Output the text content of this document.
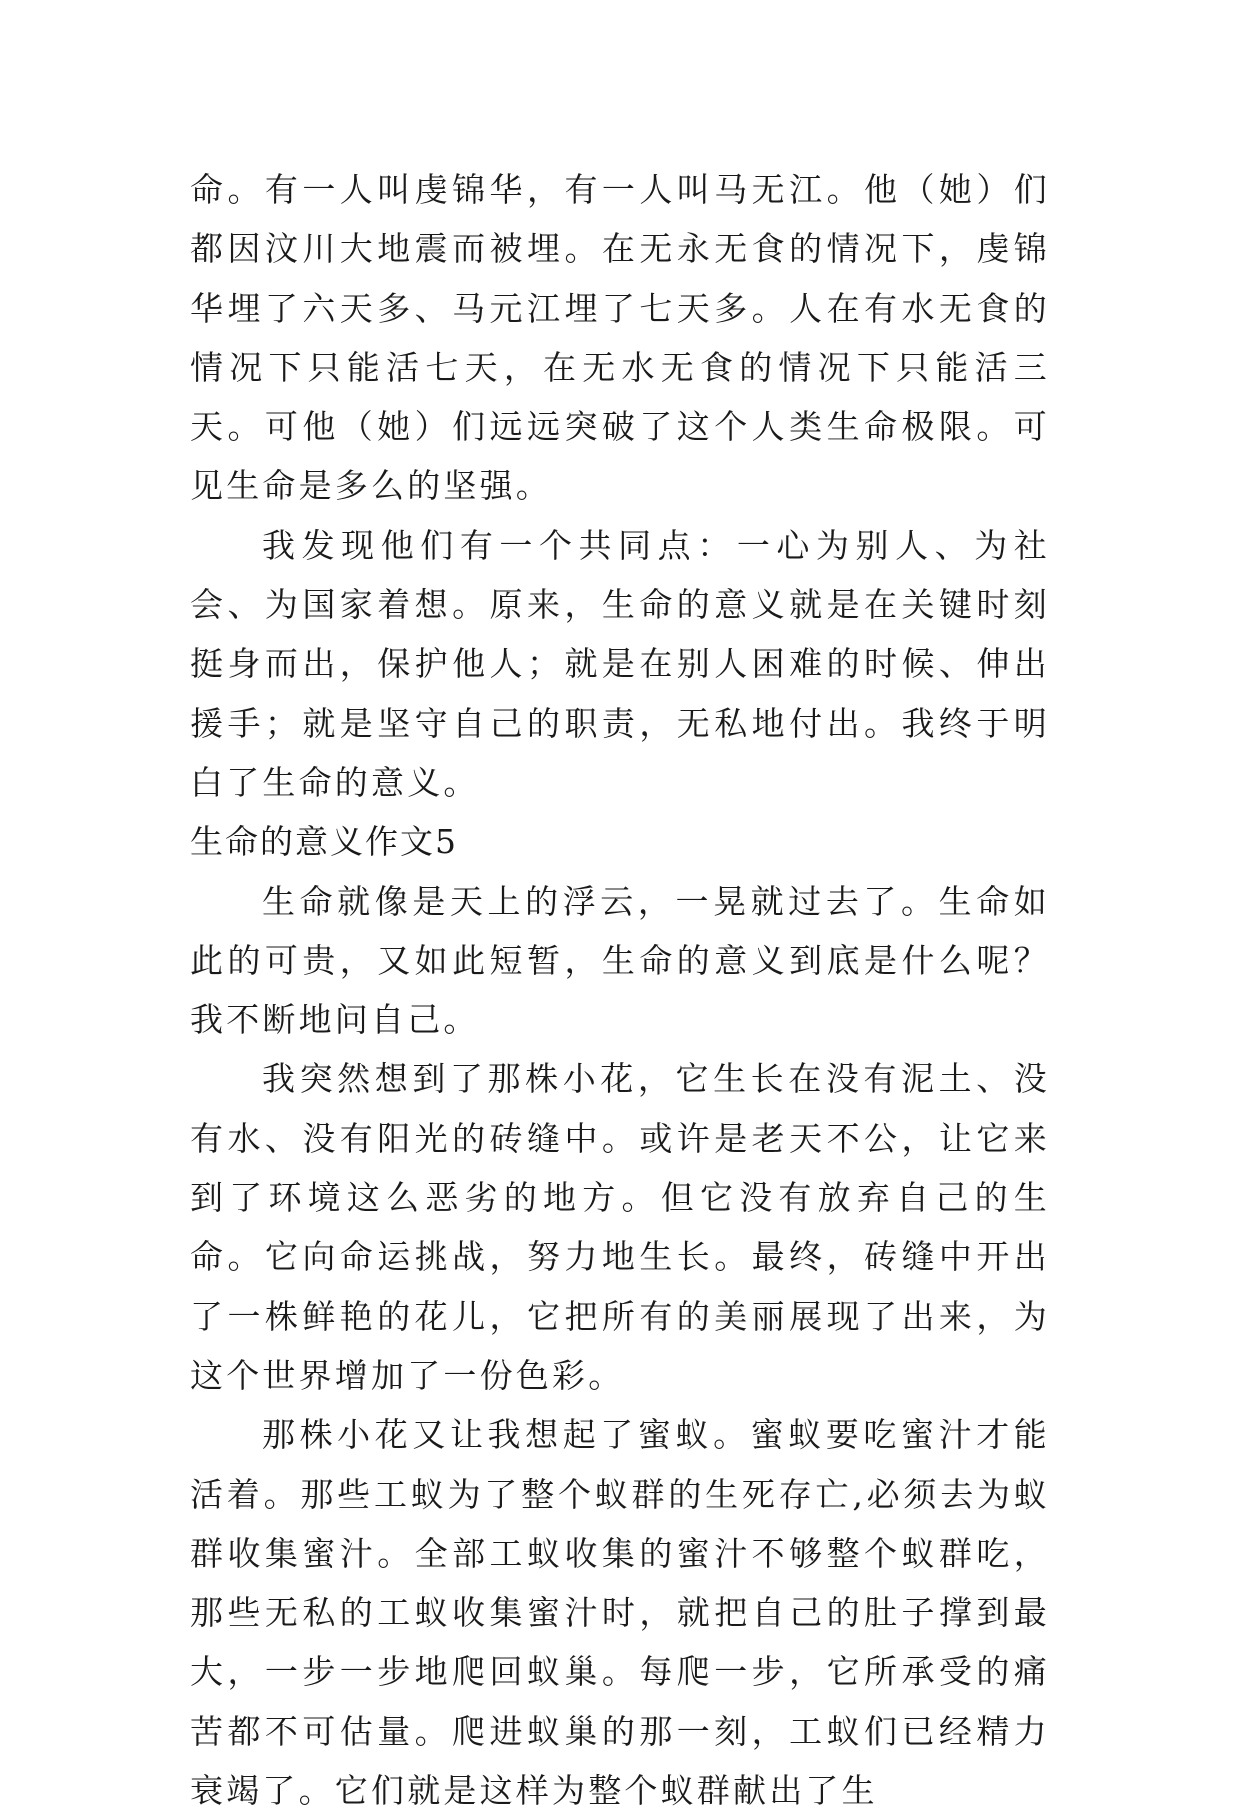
命。有一人叫虔锦华，有一人叫马无江。他（她）们都因汶川大地震而被埋。在无永无食的情况下，虔锦华埋了六天多、马元江埋了七天多。人在有水无食的情况下只能活七天，在无水无食的情况下只能活三天。可他（她）们远远突破了这个人类生命极限。可见生命是多么的坚强。

我发现他们有一个共同点：一心为别人、为社会、为国家着想。原来，生命的意义就是在关键时刻挺身而出，保护他人；就是在别人困难的时候、伸出援手；就是坚守自己的职责，无私地付出。我终于明白了生命的意义。

生命的意义作文5

生命就像是天上的浮云，一晃就过去了。生命如此的可贵，又如此短暂，生命的意义到底是什么呢？我不断地问自己。

我突然想到了那株小花，它生长在没有泥土、没有水、没有阳光的砖缝中。或许是老天不公，让它来到了环境这么恶劣的地方。但它没有放弃自己的生命。它向命运挑战，努力地生长。最终，砖缝中开出了一株鲜艳的花儿，它把所有的美丽展现了出来，为这个世界增加了一份色彩。

那株小花又让我想起了蜜蚁。蜜蚁要吃蜜汁才能活着。那些工蚁为了整个蚁群的生死存亡,必须去为蚁群收集蜜汁。全部工蚁收集的蜜汁不够整个蚁群吃，那些无私的工蚁收集蜜汁时，就把自己的肚子撑到最大，一步一步地爬回蚁巢。每爬一步，它所承受的痛苦都不可估量。爬进蚁巢的那一刻，工蚁们已经精力衰竭了。它们就是这样为整个蚁群献出了生
